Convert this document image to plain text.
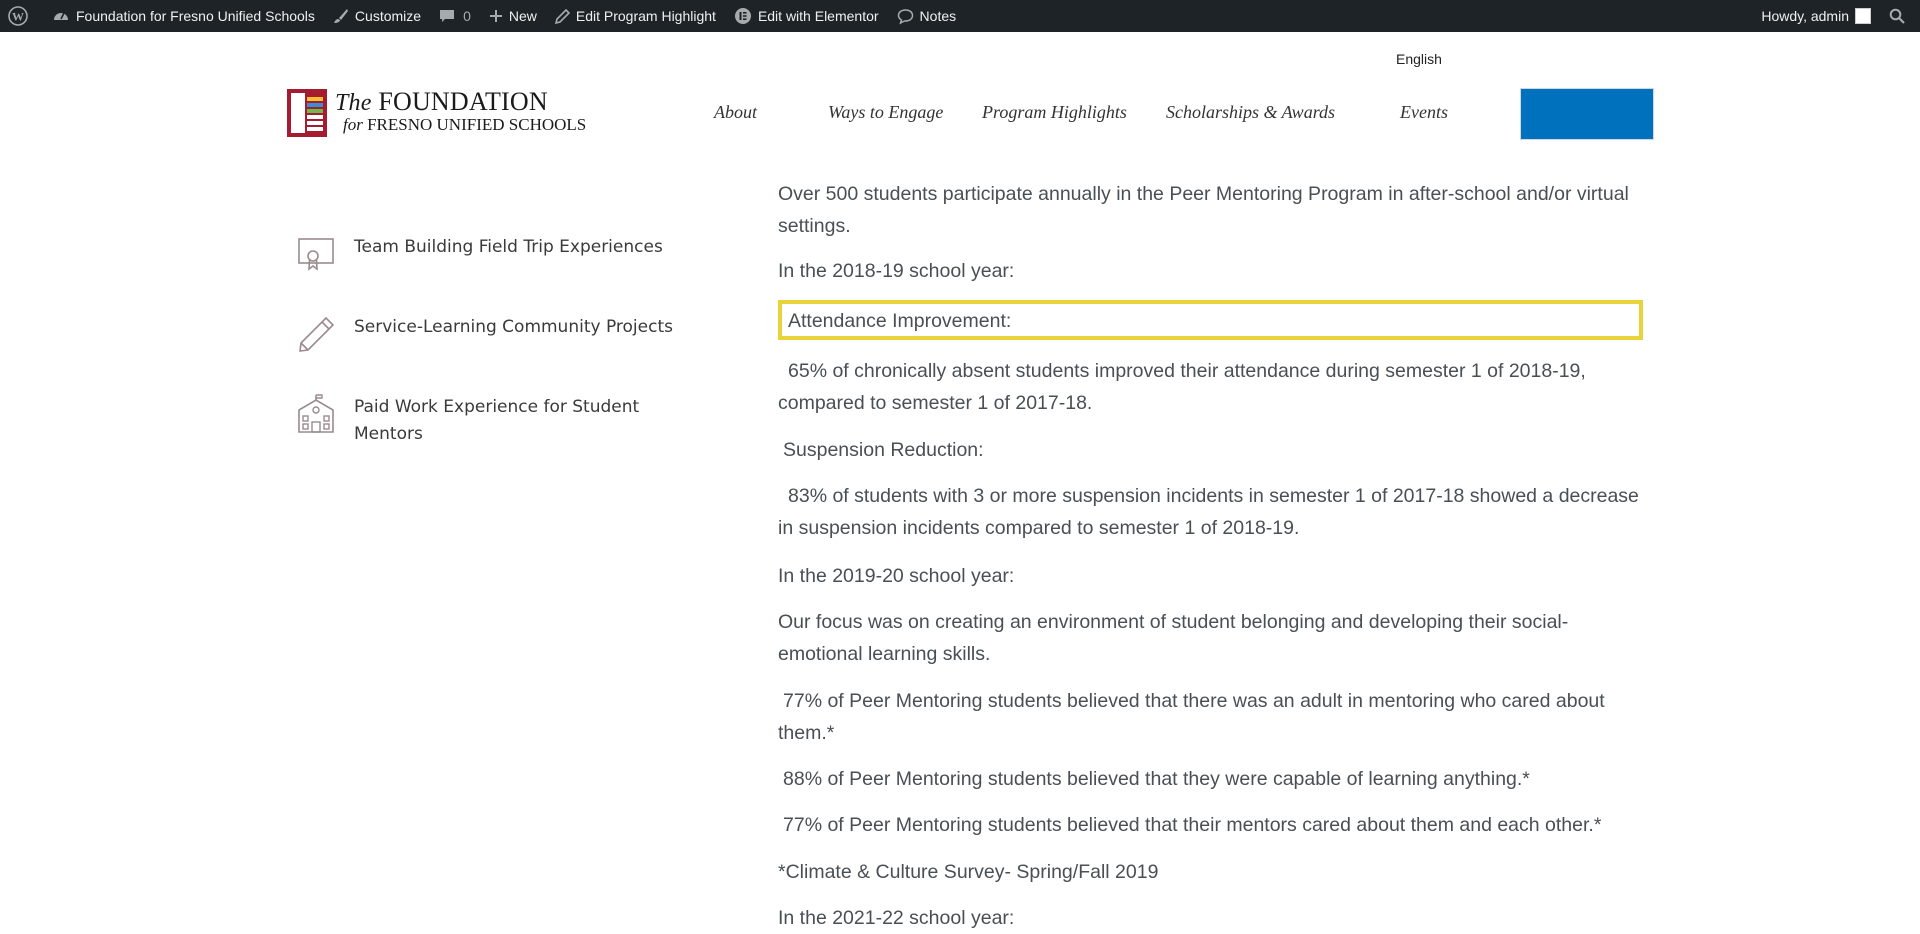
W	Foundation for Fresno Unified Schools	Customize	0	New	Edit Program Highlight	Edit with Elementor	Notes	Howdy, admin
English
The FOUNDATION
for FRESNO UNIFIED SCHOOLS
About	Ways to Engage Program Highlights Scholarships & Awards	Events
Team Building Field Trip Experiences
Service-Learning Community Projects
Paid Work Experience for Student Mentors

Over 500 students participate annually in the Peer Mentoring Program in after-school and/or virtual settings.

In the 2018-19 school year:

65% of chronically absent students improved their attendance during semester 1 of 2018-19, compared to semester 1 of 2017-18.

Suspension Reduction:

83% of students with 3 or more suspension incidents in semester 1 of 2017-18 showed a decrease in suspension incidents compared to semester 1 of 2018-19.

In the 2019-20 school year:

Our focus was on creating an environment of student belonging and developing their social-emotional learning skills.

77% of Peer Mentoring students believed that there was an adult in mentoring who cared about them.*

88% of Peer Mentoring students believed that they were capable of learning anything.*

77% of Peer Mentoring students believed that their mentors cared about them and each other.*

*Climate & Culture Survey- Spring/Fall 2019

In the 2021-22 school year:

Attendance Improvement:
